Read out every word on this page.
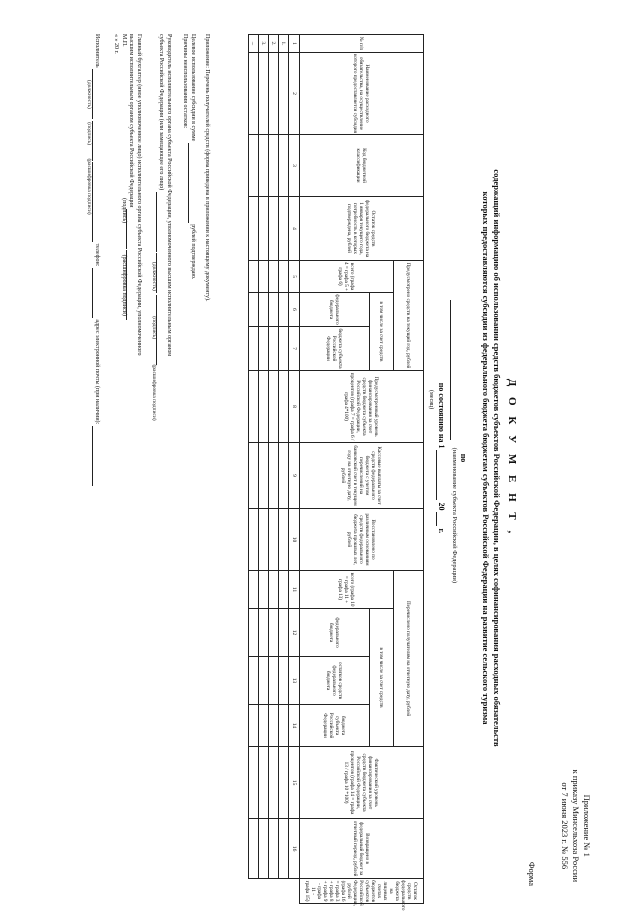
Приложение № 1
к приказу Минсельхоза России
от 7 июня 2023 г. № 556
Форма
Д О К У М Е Н Т ,
содержащий информацию об использовании средств бюджетов субъектов Российской Федерации, в целях софинансирования расходных обязательств
которых предоставляются субсидии из федерального бюджета бюджетам субъектов Российской Федерации на развитие сельского туризма
по
(наименование субъекта Российской Федерации)
по состоянию на 1   20   г.
(месяц)
№ п/п	Наименование расходного обязательства, на осуществление которого предоставляется субсидия	Код бюджетной классификации	Остаток средств федерального бюджета на 1 января текущего года, потребность в которых подтверждена, рублей	Предусмотрено средств на текущий год, рублей			Предусмотренный уровень финансирования за счет средств бюджета субъекта Российской Федерации, процентов (графа 7 = графа 6 / графа 4*100)	Кассовые выплаты за счет средств федерального бюджета с учетом перечислений на банковский счет в текущем году на отчетную дату, рублей	Восстановлено по различным основаниям средств федерального бюджета прошлых лет, рублей	Перечислено получателям на отчетную дату, рублей				Фактический уровень финансирования за счет средств бюджета субъекта Российской Федерации, процентов (графа 14 = графа 13 / графа 10 *100)	Возвращено в федеральный бюджет за отчетный период, рублей	Остаток средств федерального бюджета на лицевых счетах бюджетов субъектов Российской Федерации, рублей (графа 16 = графа 3 + графа 8 + графа 9 - графа 11 - графа 15)
				всего (графа 4 = графа 5 + графа 6)	в том числе за счет средств					всего (графа 10 = графа 11 + графа 13)	в том числе за счет средств					
					федерального бюджета	бюджета субъекта Российской Федерации					федерального бюджета	остатков средств федерального бюджета	бюджета субъекта Российской Федерации			
1	2	3	4	5	6	7	8	9	10	11	12	13	14	15	16	
1.																
2.																
3.																
...																
Приложение: Перечень получателей средств (форма приведена в приложении к настоящему документу).
Целевое использование субсидии в сумме   рублей подтверждаю.
Причины неиспользования остатков:
Руководитель исполнительного органа субъекта Российской Федерации, уполномоченного высшим исполнительным органом
субъекта Российской Федерации (или замещающее его лицо)
(должность) (подпись) (расшифровка подписи)
Главный бухгалтер (иное уполномоченное лицо) исполнительного органа субъекта Российской Федерации, уполномоченного
высшим исполнительным органом субъекта Российской Федерации
М.П. (подпись) (расшифровка подписи)
« » 20 г.
Исполнитель       телефон:   адрес электронной почты (при наличии):
(должность) (подпись) (расшифровка подписи)
